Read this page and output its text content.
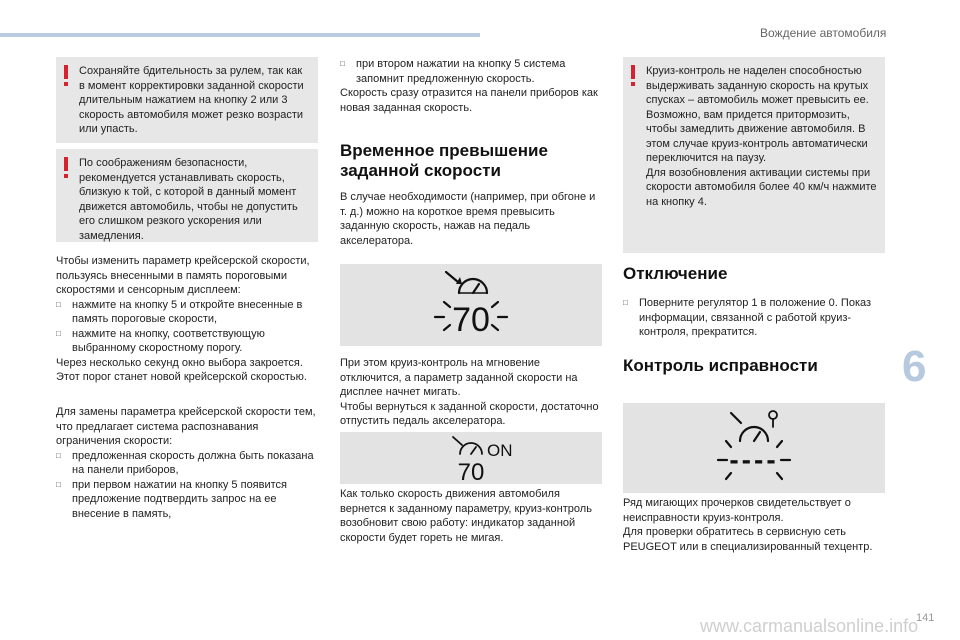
Вождение автомобиля
6
141

Сохраняйте бдительность за рулем, так как в момент корректировки заданной скорости длительным нажатием на кнопку 2 или 3 скорость автомобиля может резко возрасти или упасть.

По соображениям безопасности, рекомендуется устанавливать скорость, близкую к той, с которой в данный момент движется автомобиль, чтобы не допустить его слишком резкого ускорения или замедления.

Чтобы изменить параметр крейсерской скорости, пользуясь внесенными в память пороговыми скоростями и сенсорным дисплеем:

□ нажмите на кнопку 5 и откройте внесенные в память пороговые скорости,
□ нажмите на кнопку, соответствующую выбранному скоростному порогу.

Через несколько секунд окно выбора закроется. Этот порог станет новой крейсерской скоростью.

Для замены параметра крейсерской скорости тем, что предлагает система распознавания ограничения скорости:

□ предложенная скорость должна быть показана на панели приборов,
□ при первом нажатии на кнопку 5 появится предложение подтвердить запрос на ее внесение в память,
□ при втором нажатии на кнопку 5 система запомнит предложенную скорость.

Скорость сразу отразится на панели приборов как новая заданная скорость.

Временное превышение заданной скорости

В случае необходимости (например, при обгоне и т. д.) можно на короткое время превысить заданную скорость, нажав на педаль акселератора.

70

При этом круиз-контроль на мгновение отключится, а параметр заданной скорости на дисплее начнет мигать.

Чтобы вернуться к заданной скорости, достаточно отпустить педаль акселератора.

ON
70

Как только скорость движения автомобиля вернется к заданному параметру, круиз-контроль возобновит свою работу: индикатор заданной скорости будет гореть не мигая.

Круиз-контроль не наделен способностью выдерживать заданную скорость на крутых спусках – автомобиль может превысить ее. Возможно, вам придется притормозить, чтобы замедлить движение автомобиля. В этом случае круиз-контроль автоматически переключится на паузу.
Для возобновления активации системы при скорости автомобиля более 40 км/ч нажмите на кнопку 4.

Отключение
□ Поверните регулятор 1 в положение 0. Показ информации, связанной с работой круиз-контроля, прекратится.
Контроль исправности
----

Ряд мигающих прочерков свидетельствует о неисправности круиз-контроля.
Для проверки обратитесь в сервисную сеть PEUGEOT или в специализированный техцентр.

www.carmanualsonline.info
